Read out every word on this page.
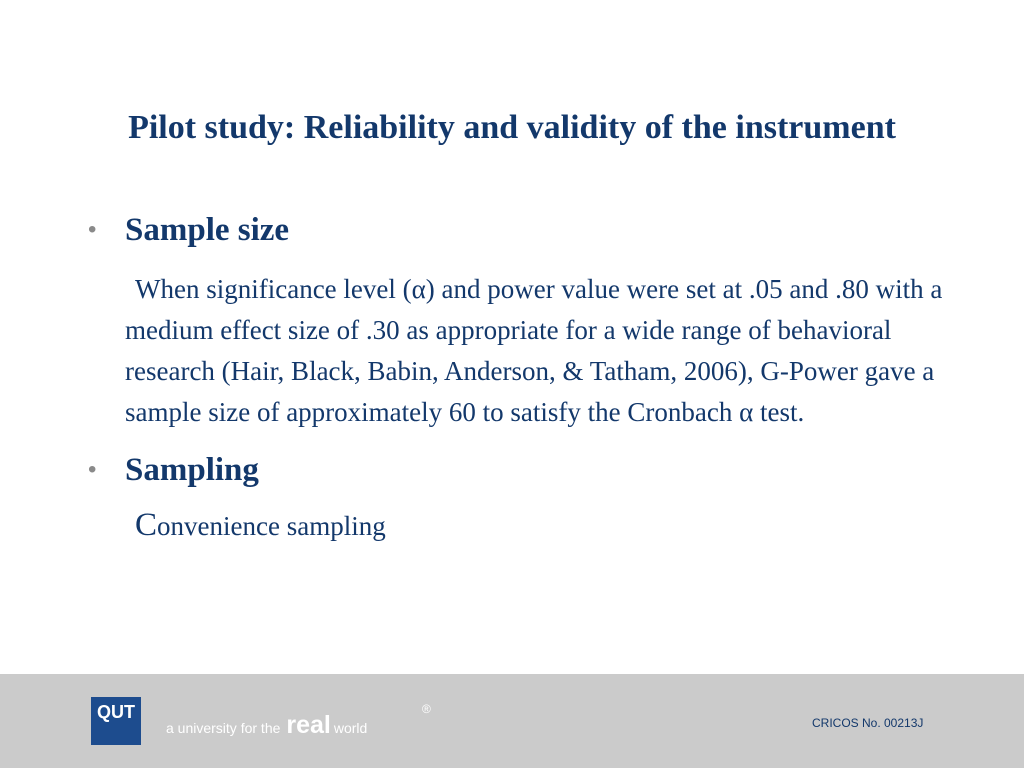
Pilot study: Reliability and validity of the instrument
• Sample size
When significance level (α) and power value were set at .05 and .80 with a medium effect size of .30 as appropriate for a wide range of behavioral research (Hair, Black, Babin, Anderson, & Tatham, 2006), G-Power gave a sample size of approximately 60 to satisfy the Cronbach α test.
• Sampling
Convenience sampling
QUT
a university for the real world
®
CRICOS No. 00213J
